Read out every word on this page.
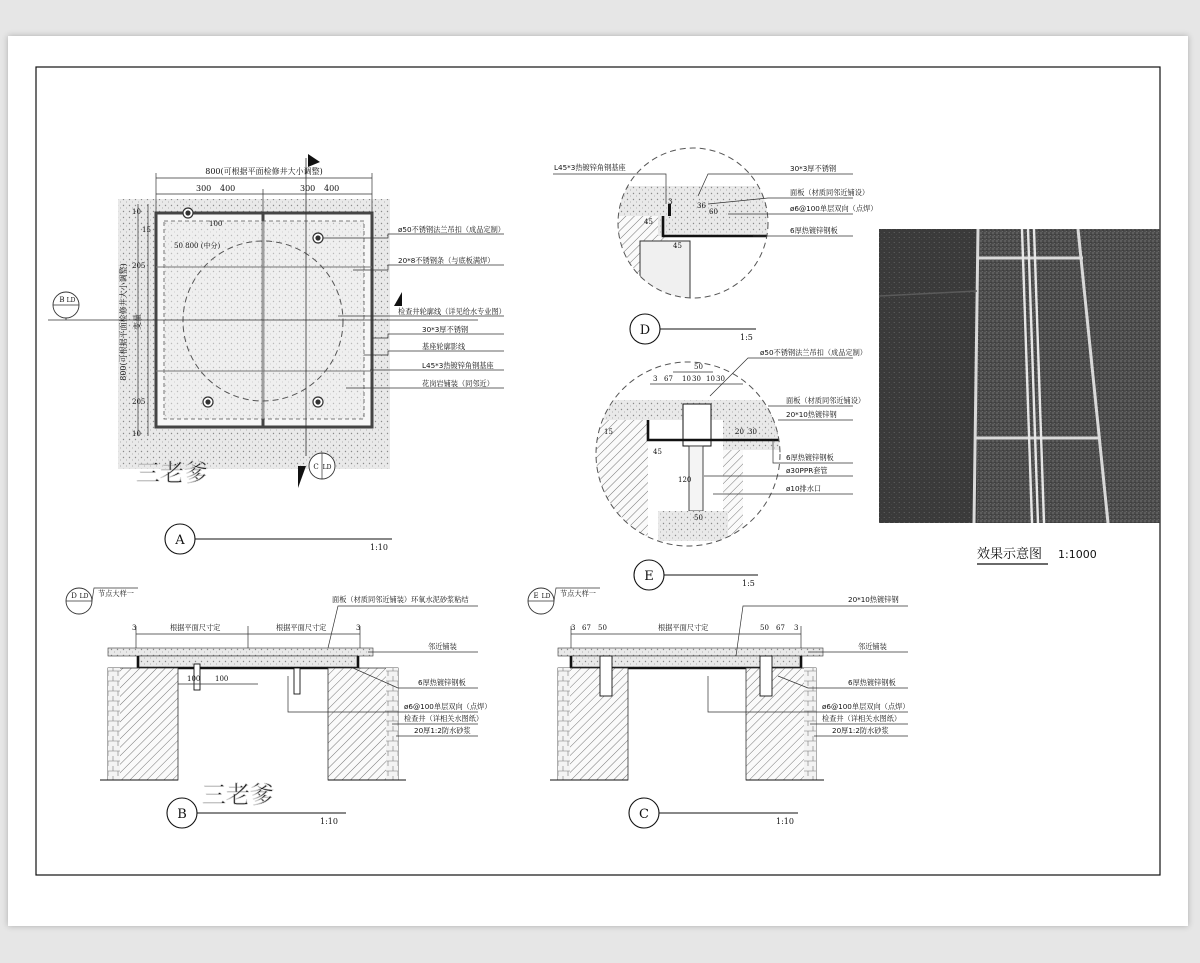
800(可根据平面检修井大小调整)
300 400	300 400
10
15
205
205
10
800(可根据平面检修井大小调整)
50 800 (中分)
100
变量
B LD
C LD
ø50不锈钢法兰吊扣（成品定制）
20*8不锈钢条（与底板满焊）
检查井轮廓线（详见给水专业图）
30*3厚不锈钢
基座轮廓影线
L45*3热镀锌角钢基座
花岗岩铺装（同邻近）
A	1:10
3	36
60
45
45
L45*3热镀锌角钢基座	30*3厚不锈钢
面板（材质同邻近铺设）
ø6@100单层双向（点焊）
6厚热镀锌钢板
D	1:5
50
3 67 10 30 10 30
15
45
20 30
120
50
ø50不锈钢法兰吊扣（成品定制）
面板（材质同邻近铺设）
20*10热镀锌钢
6厚热镀锌钢板
ø30PPR套管
ø10排水口
E	1:5
效果示意图 1:1000
D LD 节点大样一
3	3
根据平面尺寸定	根据平面尺寸定
100 100
面板（材质同邻近铺装）环氧水泥砂浆粘结
邻近铺装
6厚热镀锌钢板
ø6@100单层双向（点焊）
检查井（详相关水图纸）
20厚1:2防水砂浆
B	1:10
E LD 节点大样一
3 67 50	50 67 3
根据平面尺寸定
20*10热镀锌钢
邻近铺装
6厚热镀锌钢板
ø6@100单层双向（点焊）
检查井（详相关水图纸）
20厚1:2防水砂浆
C	1:10
三老爹
三老爹
